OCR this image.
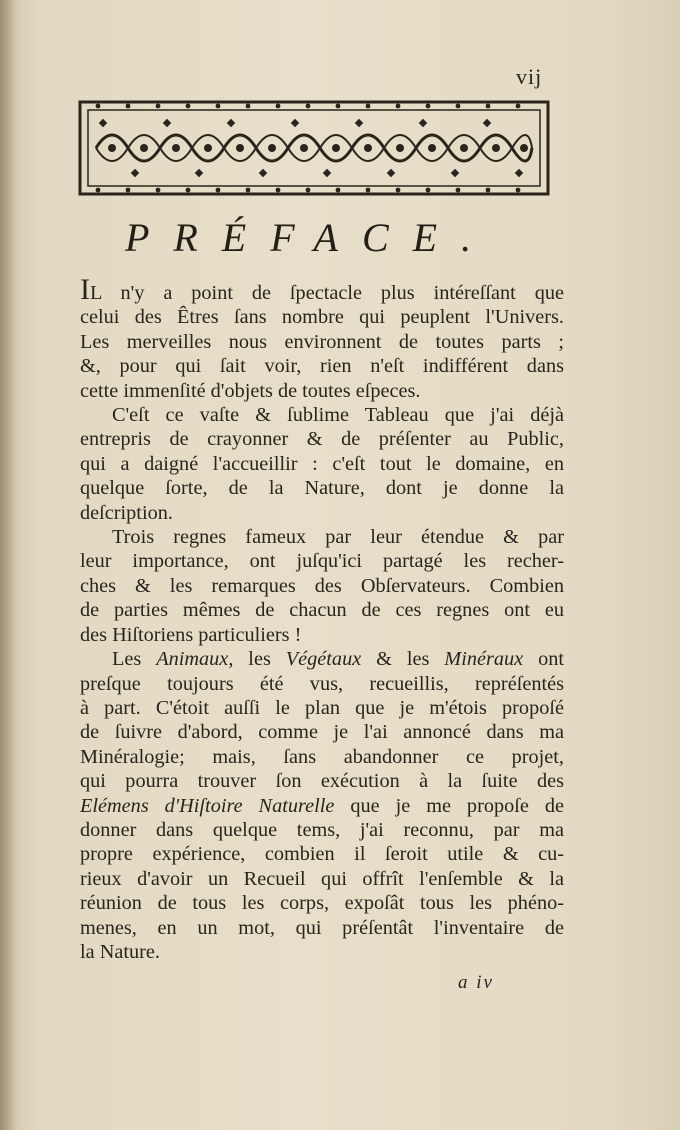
vij
PRÉFACE.
IL n'y a point de ſpectacle plus intéreſſant que
celui des Êtres ſans nombre qui peuplent l'Univers.
Les merveilles nous environnent de toutes parts ;
&, pour qui ſait voir, rien n'eſt indifférent dans
cette immenſité d'objets de toutes eſpeces.
C'eſt ce vaſte & ſublime Tableau que j'ai déjà
entrepris de crayonner & de préſenter au Public,
qui a daigné l'accueillir : c'eſt tout le domaine, en
quelque ſorte, de la Nature, dont je donne la
deſcription.
Trois regnes fameux par leur étendue & par
leur importance, ont juſqu'ici partagé les recher-
ches & les remarques des Obſervateurs. Combien
de parties mêmes de chacun de ces regnes ont eu
des Hiſtoriens particuliers !
Les Animaux, les Végétaux & les Minéraux ont
preſque toujours été vus, recueillis, repréſentés
à part. C'étoit auſſi le plan que je m'étois propoſé
de ſuivre d'abord, comme je l'ai annoncé dans ma
Minéralogie; mais, ſans abandonner ce projet,
qui pourra trouver ſon exécution à la ſuite des
Elémens d'Hiſtoire Naturelle que je me propoſe de
donner dans quelque tems, j'ai reconnu, par ma
propre expérience, combien il ſeroit utile & cu-
rieux d'avoir un Recueil qui offrît l'enſemble & la
réunion de tous les corps, expoſât tous les phéno-
menes, en un mot, qui préſentât l'inventaire de
la Nature.
a iv
